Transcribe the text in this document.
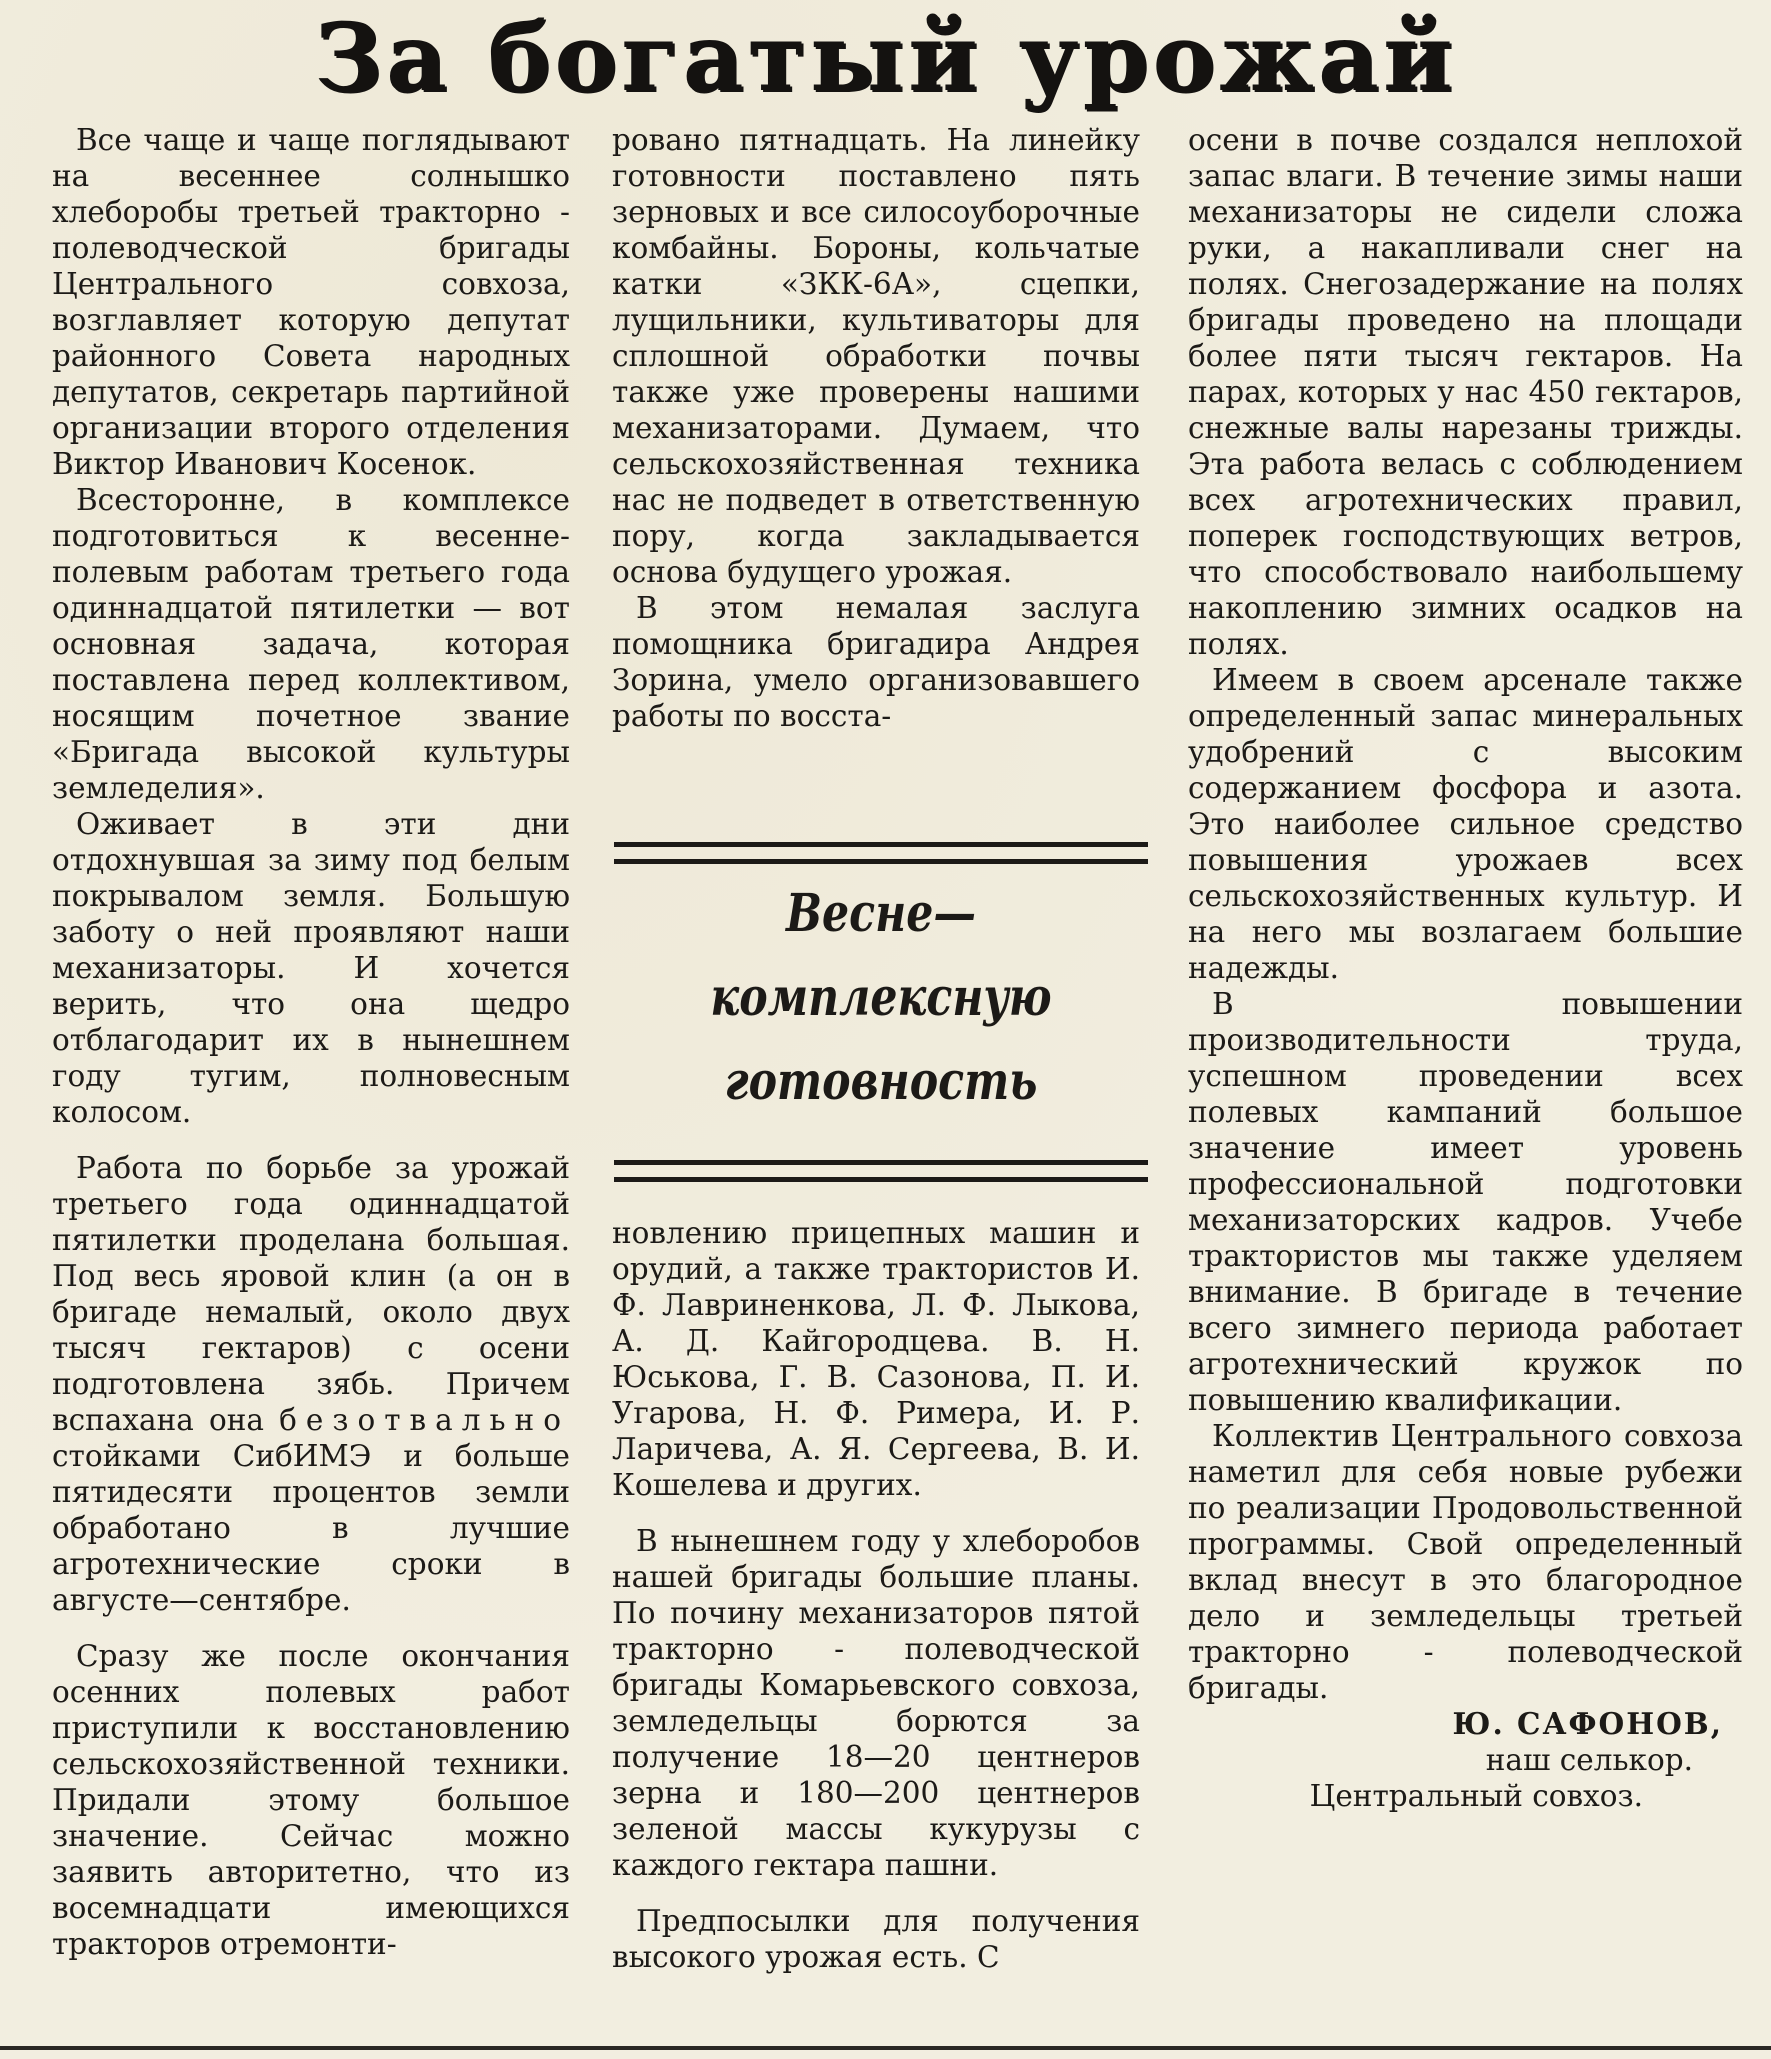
За богатый урожай

Все чаще и чаще поглядывают на весеннее солнышко хлеборобы третьей тракторно - полеводческой бригады Центрального совхоза, возглавляет которую депутат районного Совета народных депутатов, секретарь партийной организации второго отделения Виктор Иванович Косенок.

Всесторонне, в комплексе подготовиться к весенне-полевым работам третьего года одиннадцатой пятилетки — вот основная задача, которая поставлена перед коллективом, носящим почетное звание «Бригада высокой культуры земледелия».

Оживает в эти дни отдохнувшая за зиму под белым покрывалом земля. Большую заботу о ней проявляют наши механизаторы. И хочется верить, что она щедро отблагодарит их в нынешнем году тугим, полновесным колосом.

Работа по борьбе за урожай третьего года одиннадцатой пятилетки проделана большая. Под весь яровой клин (а он в бригаде немалый, около двух тысяч гектаров) с осени подготовлена зябь. Причем вспахана она безотвально стойками СибИМЭ и больше пятидесяти процентов земли обработано в лучшие агротехнические сроки в августе—сентябре.

Сразу же после окончания осенних полевых работ приступили к восстановлению сельскохозяйственной техники. Придали этому большое значение. Сейчас можно заявить авторитетно, что из восемнадцати имеющихся тракторов отремонти-

ровано пятнадцать. На линейку готовности поставлено пять зерновых и все силосоуборочные комбайны. Бороны, кольчатые катки «ЗКК-6А», сцепки, лущильники, культиваторы для сплошной обработки почвы также уже проверены нашими механизаторами. Думаем, что сельскохозяйственная техника нас не подведет в ответственную пору, когда закладывается основа будущего урожая.

В этом немалая заслуга помощника бригадира Андрея Зорина, умело организовавшего работы по восста-

Весне—
комплексную
готовность

новлению прицепных машин и орудий, а также трактористов И. Ф. Лавриненкова, Л. Ф. Лыкова, А. Д. Кайгородцева. В. Н. Юськова, Г. В. Сазонова, П. И. Угарова, Н. Ф. Римера, И. Р. Ларичева, А. Я. Сергеева, В. И. Кошелева и других.

В нынешнем году у хлеборобов нашей бригады большие планы. По почину механизаторов пятой тракторно - полеводческой бригады Комарьевского совхоза, земледельцы борются за получение 18—20 центнеров зерна и 180—200 центнеров зеленой массы кукурузы с каждого гектара пашни.

Предпосылки для получения высокого урожая есть. С

осени в почве создался неплохой запас влаги. В течение зимы наши механизаторы не сидели сложа руки, а накапливали снег на полях. Снегозадержание на полях бригады проведено на площади более пяти тысяч гектаров. На парах, которых у нас 450 гектаров, снежные валы нарезаны трижды. Эта работа велась с соблюдением всех агротехнических правил, поперек господствующих ветров, что способствовало наибольшему накоплению зимних осадков на полях.

Имеем в своем арсенале также определенный запас минеральных удобрений с высоким содержанием фосфора и азота. Это наиболее сильное средство повышения урожаев всех сельскохозяйственных культур. И на него мы возлагаем большие надежды.

В повышении производительности труда, успешном проведении всех полевых кампаний большое значение имеет уровень профессиональной подготовки механизаторских кадров. Учебе трактористов мы также уделяем внимание. В бригаде в течение всего зимнего периода работает агротехнический кружок по повышению квалификации.

Коллектив Центрального совхоза наметил для себя новые рубежи по реализации Продовольственной программы. Свой определенный вклад внесут в это благородное дело и земледельцы третьей тракторно - полеводческой бригады.

Ю. САФОНОВ,

наш селькор.

Центральный совхоз.
